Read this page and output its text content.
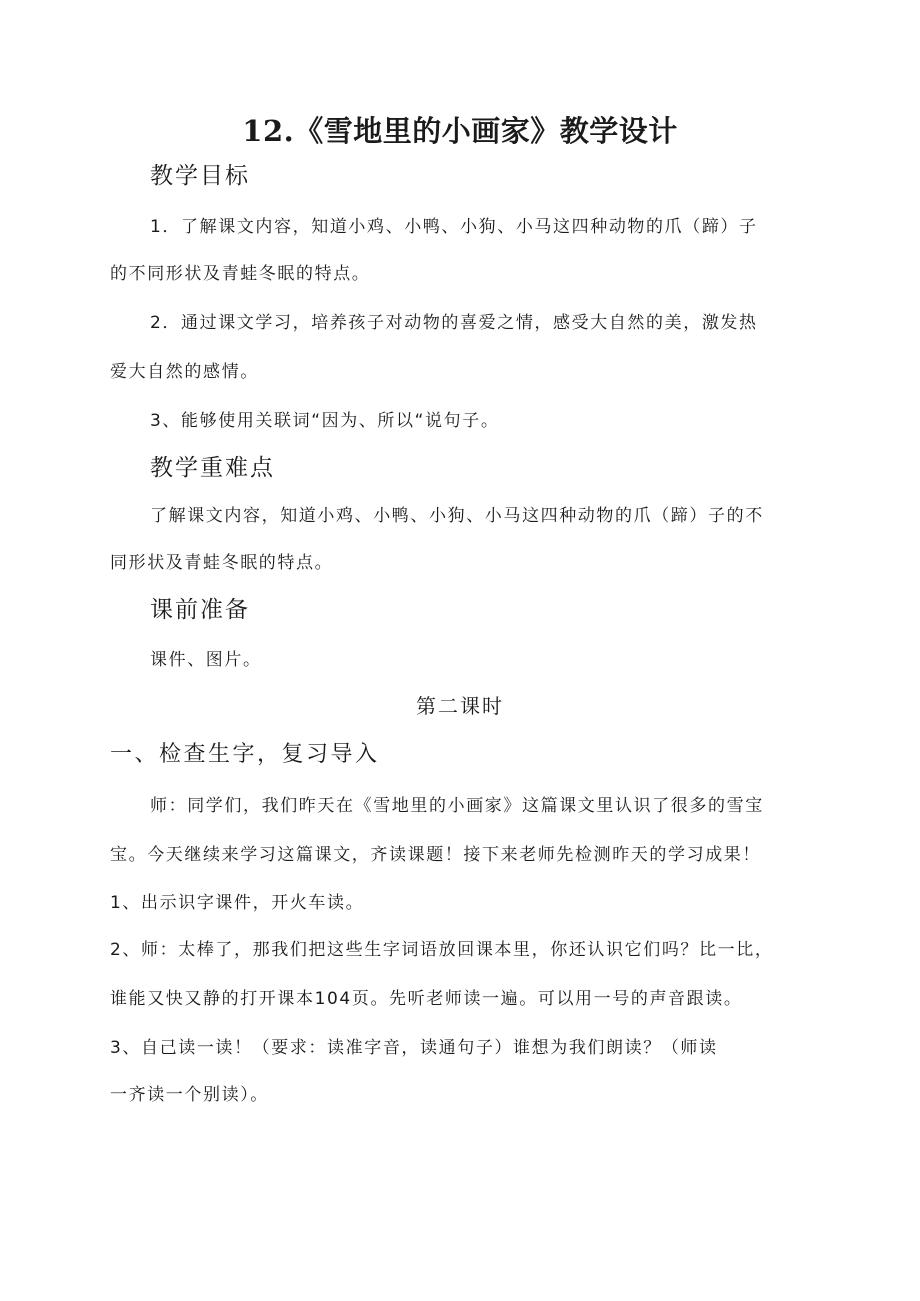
12.《雪地里的小画家》教学设计
教学目标

1．了解课文内容，知道小鸡、小鸭、小狗、小马这四种动物的爪（蹄）子

的不同形状及青蛙冬眠的特点。

2．通过课文学习，培养孩子对动物的喜爱之情，感受大自然的美，激发热

爱大自然的感情。

3、能够使用关联词“因为、所以“说句子。

教学重难点

了解课文内容，知道小鸡、小鸭、小狗、小马这四种动物的爪（蹄）子的不

同形状及青蛙冬眠的特点。

课前准备

课件、图片。

第二课时
一、检查生字，复习导入

师：同学们，我们昨天在《雪地里的小画家》这篇课文里认识了很多的雪宝

宝。今天继续来学习这篇课文，齐读课题！接下来老师先检测昨天的学习成果！

1、出示识字课件，开火车读。

2、师：太棒了，那我们把这些生字词语放回课本里，你还认识它们吗？比一比，

谁能又快又静的打开课本104页。先听老师读一遍。可以用一号的声音跟读。

3、自己读一读！（要求：读准字音，读通句子）谁想为我们朗读？（师读

一齐读一个别读）。
